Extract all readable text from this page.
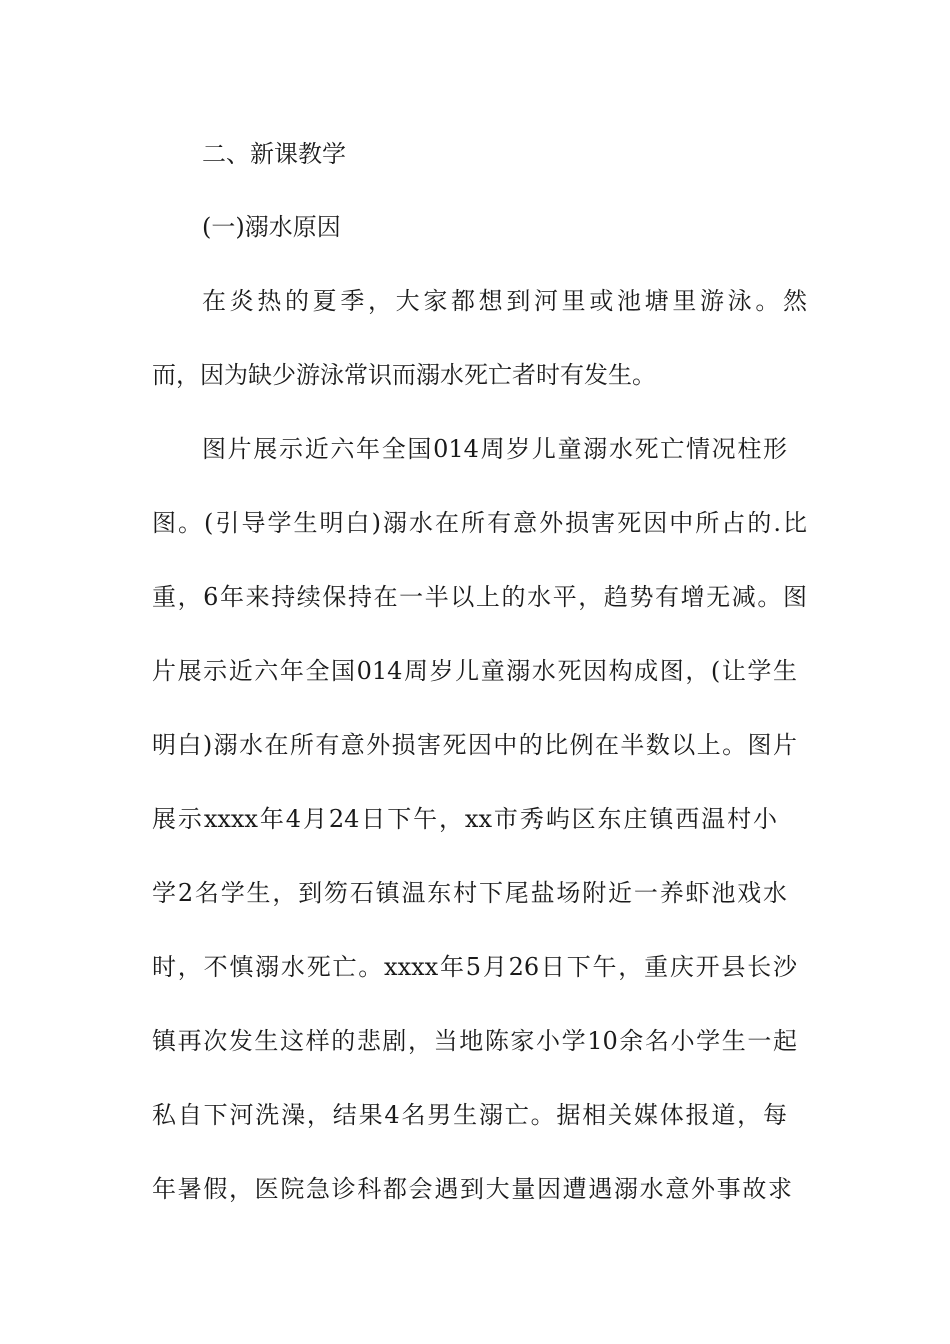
二、新课教学
(一)溺水原因
在炎热的夏季，大家都想到河里或池塘里游泳。然
而，因为缺少游泳常识而溺水死亡者时有发生。
图片展示近六年全国014周岁儿童溺水死亡情况柱形
图。(引导学生明白)溺水在所有意外损害死因中所占的.比
重，6年来持续保持在一半以上的水平，趋势有增无减。图
片展示近六年全国014周岁儿童溺水死因构成图，(让学生
明白)溺水在所有意外损害死因中的比例在半数以上。图片
展示xxxx年4月24日下午，xx市秀屿区东庄镇西温村小
学2名学生，到笏石镇温东村下尾盐场附近一养虾池戏水
时，不慎溺水死亡。xxxx年5月26日下午，重庆开县长沙
镇再次发生这样的悲剧，当地陈家小学10余名小学生一起
私自下河洗澡，结果4名男生溺亡。据相关媒体报道，每
年暑假，医院急诊科都会遇到大量因遭遇溺水意外事故求
